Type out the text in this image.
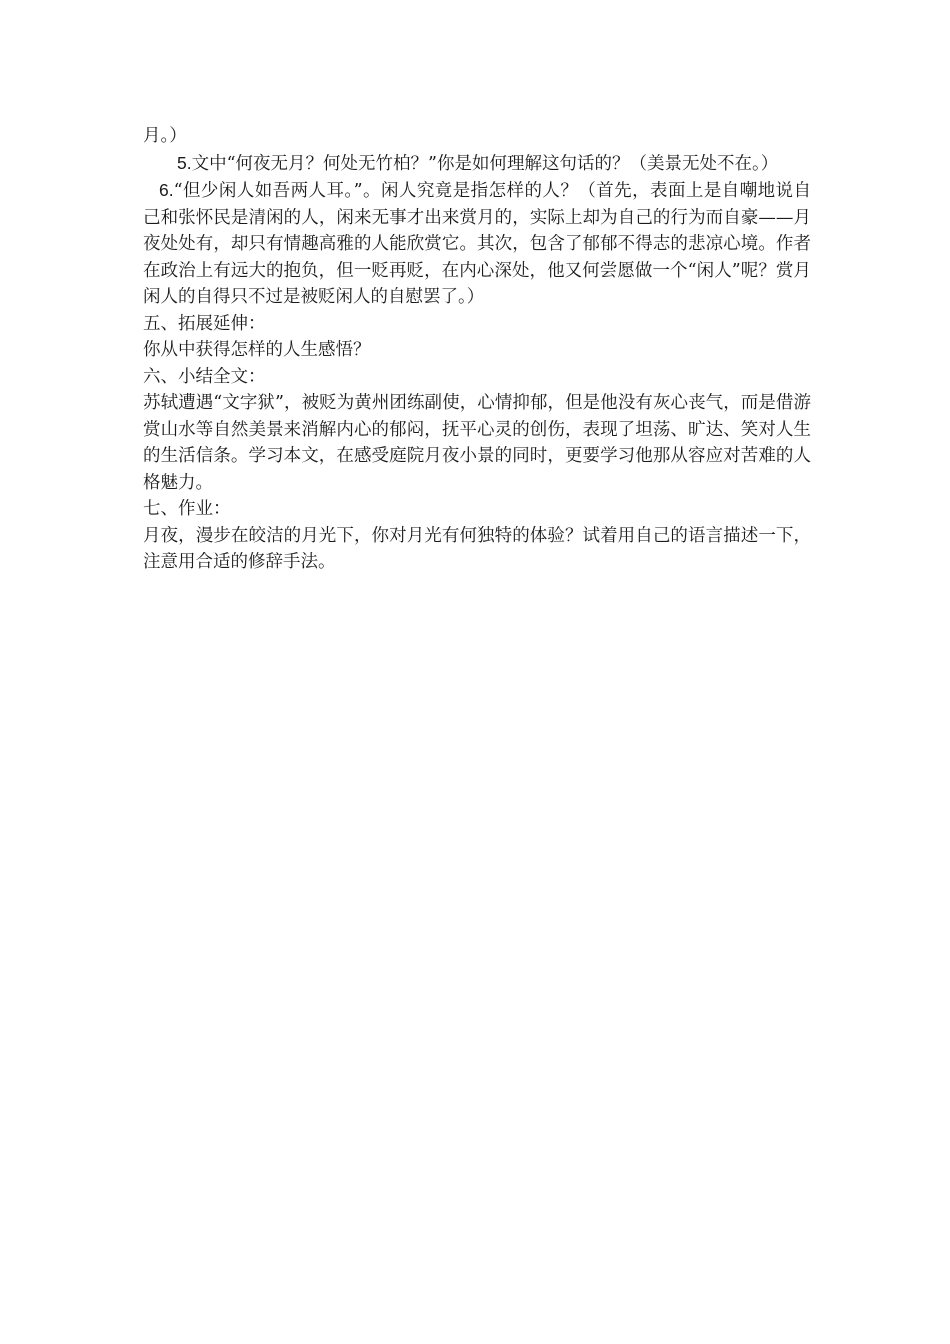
月。）

5.文中“何夜无月？何处无竹柏？”你是如何理解这句话的？（美景无处不在。）

6.“但少闲人如吾两人耳。”。闲人究竟是指怎样的人？（首先，表面上是自嘲地说自己和张怀民是清闲的人，闲来无事才出来赏月的，实际上却为自己的行为而自豪——月夜处处有，却只有情趣高雅的人能欣赏它。其次，包含了郁郁不得志的悲凉心境。作者在政治上有远大的抱负，但一贬再贬，在内心深处，他又何尝愿做一个“闲人”呢？赏月闲人的自得只不过是被贬闲人的自慰罢了。）

五、拓展延伸：

你从中获得怎样的人生感悟？

六、小结全文：

苏轼遭遇“文字狱”，被贬为黄州团练副使，心情抑郁，但是他没有灰心丧气，而是借游赏山水等自然美景来消解内心的郁闷，抚平心灵的创伤，表现了坦荡、旷达、笑对人生的生活信条。学习本文，在感受庭院月夜小景的同时，更要学习他那从容应对苦难的人格魅力。

七、作业：

月夜，漫步在皎洁的月光下，你对月光有何独特的体验？试着用自己的语言描述一下，注意用合适的修辞手法。
